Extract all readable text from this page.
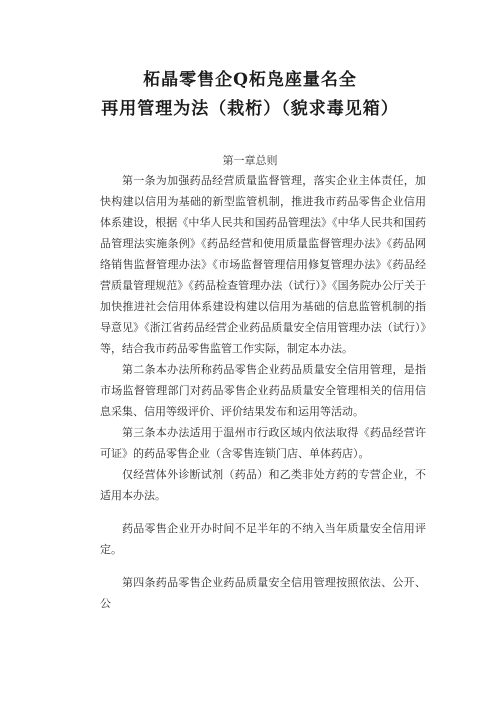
柘晶零售企Q柘凫座量名全
再用管理为法（栽桁）（貌求毒见箱）
第一章总则

第一条为加强药品经营质量监督管理，落实企业主体责任，加快构建以信用为基础的新型监管机制，推进我市药品零售企业信用体系建设，根据《中华人民共和国药品管理法》《中华人民共和国药品管理法实施条例》《药品经营和使用质量监督管理办法》《药品网络销售监督管理办法》《市场监督管理信用修复管理办法》《药品经营质量管理规范》《药品检查管理办法（试行）》《国务院办公厅关于加快推进社会信用体系建设构建以信用为基础的信息监管机制的指导意见》《浙江省药品经营企业药品质量安全信用管理办法（试行）》等，结合我市药品零售监管工作实际，制定本办法。

第二条本办法所称药品零售企业药品质量安全信用管理，是指市场监督管理部门对药品零售企业药品质量安全管理相关的信用信息采集、信用等级评价、评价结果发布和运用等活动。

第三条本办法适用于温州市行政区域内依法取得《药品经营许可证》的药品零售企业（含零售连锁门店、单体药店）。

仅经营体外诊断试剂（药品）和乙类非处方药的专营企业，不适用本办法。

药品零售企业开办时间不足半年的不纳入当年质量安全信用评定。

第四条药品零售企业药品质量安全信用管理按照依法、公开、公
